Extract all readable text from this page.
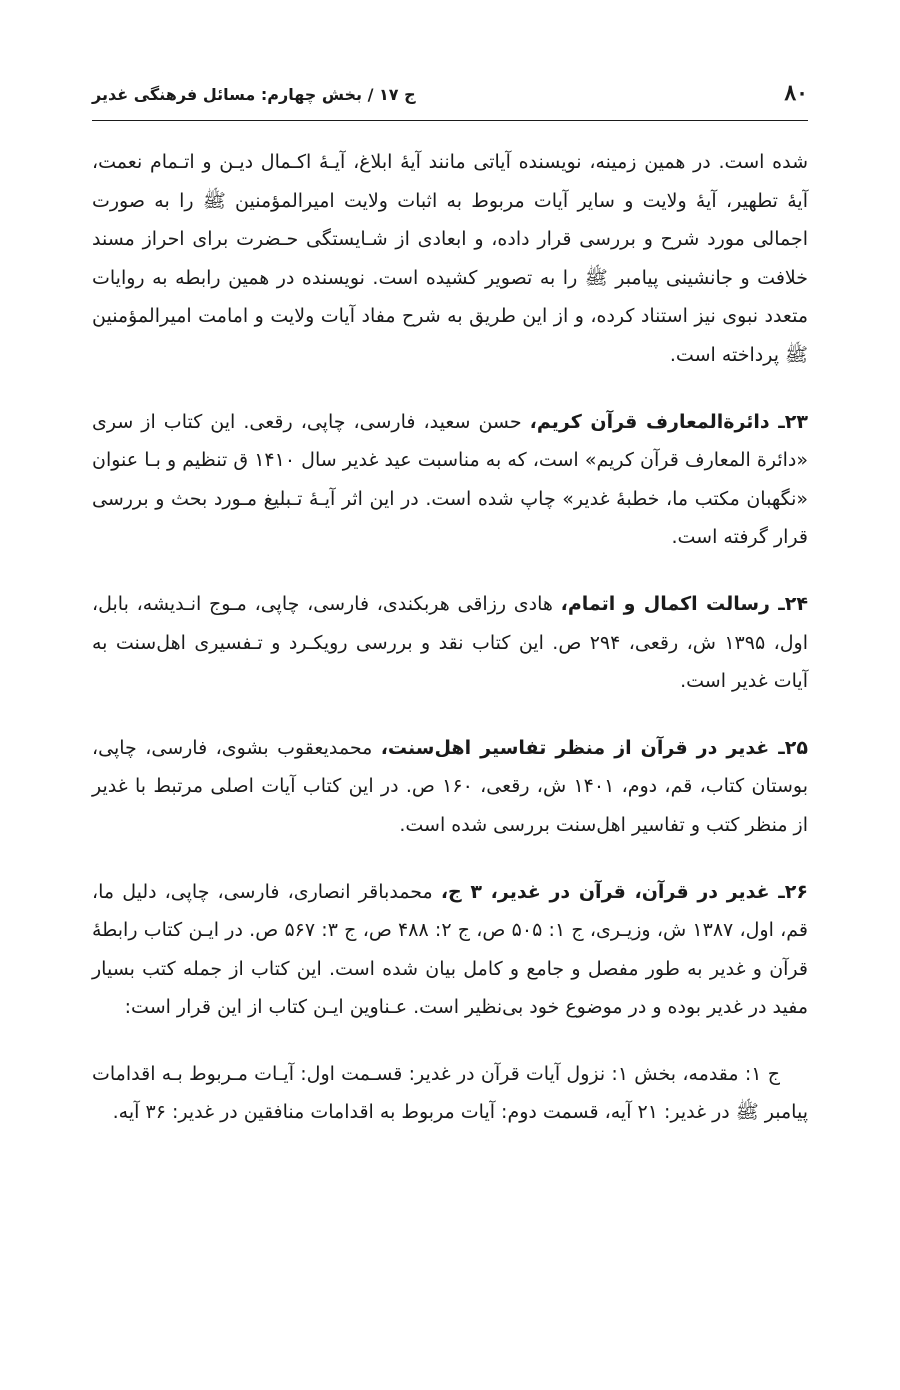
۸۰
ج ۱۷ / بخش چهارم: مسائل فرهنگی غدیر

شده است. در همین زمینه، نویسنده آیاتی مانند آیۀ ابلاغ، آیـۀ اکـمال دیـن و اتـمام نعمت، آیۀ تطهیر، آیۀ ولایت و سایر آیات مربوط به اثبات ولایت امیرالمؤمنین ﷺ را به صورت اجمالی مورد شرح و بررسی قرار داده، و ابعادی از شـایستگی حـضرت برای احراز مسند خلافت و جانشینی پیامبر ﷺ را به تصویر کشیده است. نویسنده در همین رابطه به روایات متعدد نبوی نیز استناد کرده، و از این طریق به شرح مفاد آیات ولایت و امامت امیرالمؤمنین ﷺ پرداخته است.

۲۳ـ دائرةالمعارف قرآن کریم، حسن سعید، فارسی، چاپی، رقعی. این کتاب از سری «دائرة المعارف قرآن کریم» است، که به مناسبت عید غدیر سال ۱۴۱۰ ق تنظیم و بـا عنوان «نگهبان مکتب ما، خطبۀ غدیر» چاپ شده است. در این اثر آیـۀ تـبلیغ مـورد بحث و بررسی قرار گرفته است.

۲۴ـ رسالت اکمال و اتمام، هادی رزاقی هربکندی، فارسی، چاپی، مـوج انـدیشه، بابل، اول، ۱۳۹۵ ش، رقعی، ۲۹۴ ص. این کتاب نقد و بررسی رویکـرد و تـفسیری اهل‌سنت به آیات غدیر است.

۲۵ـ غدیر در قرآن از منظر تفاسیر اهل‌سنت، محمدیعقوب بشوی، فارسی، چاپی، بوستان کتاب، قم، دوم، ۱۴۰۱ ش، رقعی، ۱۶۰ ص. در این کتاب آیات اصلی مرتبط با غدیر از منظر کتب و تفاسیر اهل‌سنت بررسی شده است.

۲۶ـ غدیر در قرآن، قرآن در غدیر، ۳ ج، محمدباقر انصاری، فارسی، چاپی، دلیل ما، قم، اول، ۱۳۸۷ ش، وزیـری، ج ۱: ۵۰۵ ص، ج ۲: ۴۸۸ ص، ج ۳: ۵۶۷ ص. در ایـن کتاب رابطۀ قرآن و غدیر به طور مفصل و جامع و کامل بیان شده است. این کتاب از جمله کتب بسیار مفید در غدیر بوده و در موضوع خود بی‌نظیر است. عـناوین ایـن کتاب از این قرار است:

ج ۱: مقدمه، بخش ۱: نزول آیات قرآن در غدیر: قسـمت اول: آیـات مـربوط بـه اقدامات پیامبر ﷺ در غدیر: ۲۱ آیه، قسمت دوم: آیات مربوط به اقدامات منافقین در غدیر: ۳۶ آیه.
